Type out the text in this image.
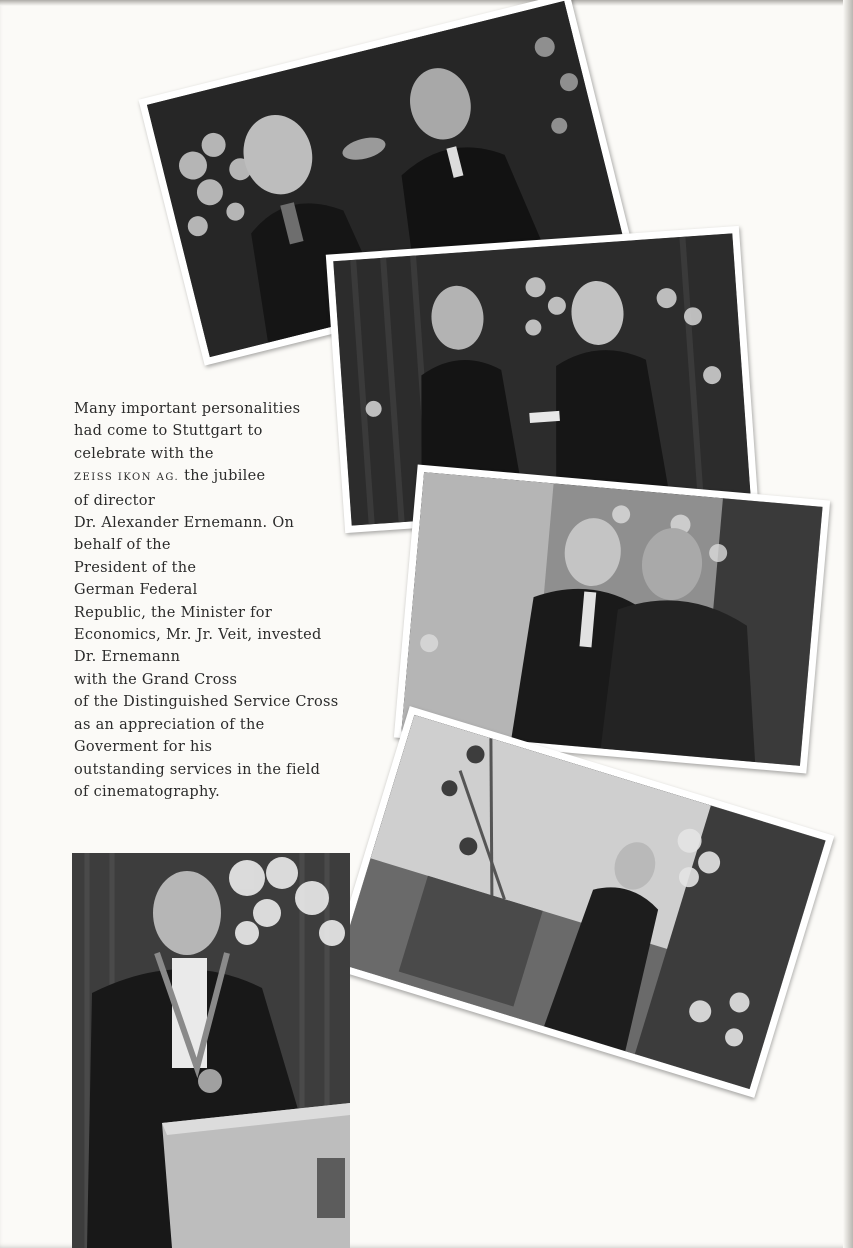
Many important personalities
had come to Stuttgart to
celebrate with the
ZEISS IKON AG. the jubilee
of director
Dr. Alexander Ernemann. On
behalf of the
President of the
German Federal
Republic, the Minister for
Economics, Mr. Jr. Veit, invested
Dr. Ernemann
with the Grand Cross
of the Distinguished Service Cross
as an appreciation of the
Goverment for his
outstanding services in the field
of cinematography.
